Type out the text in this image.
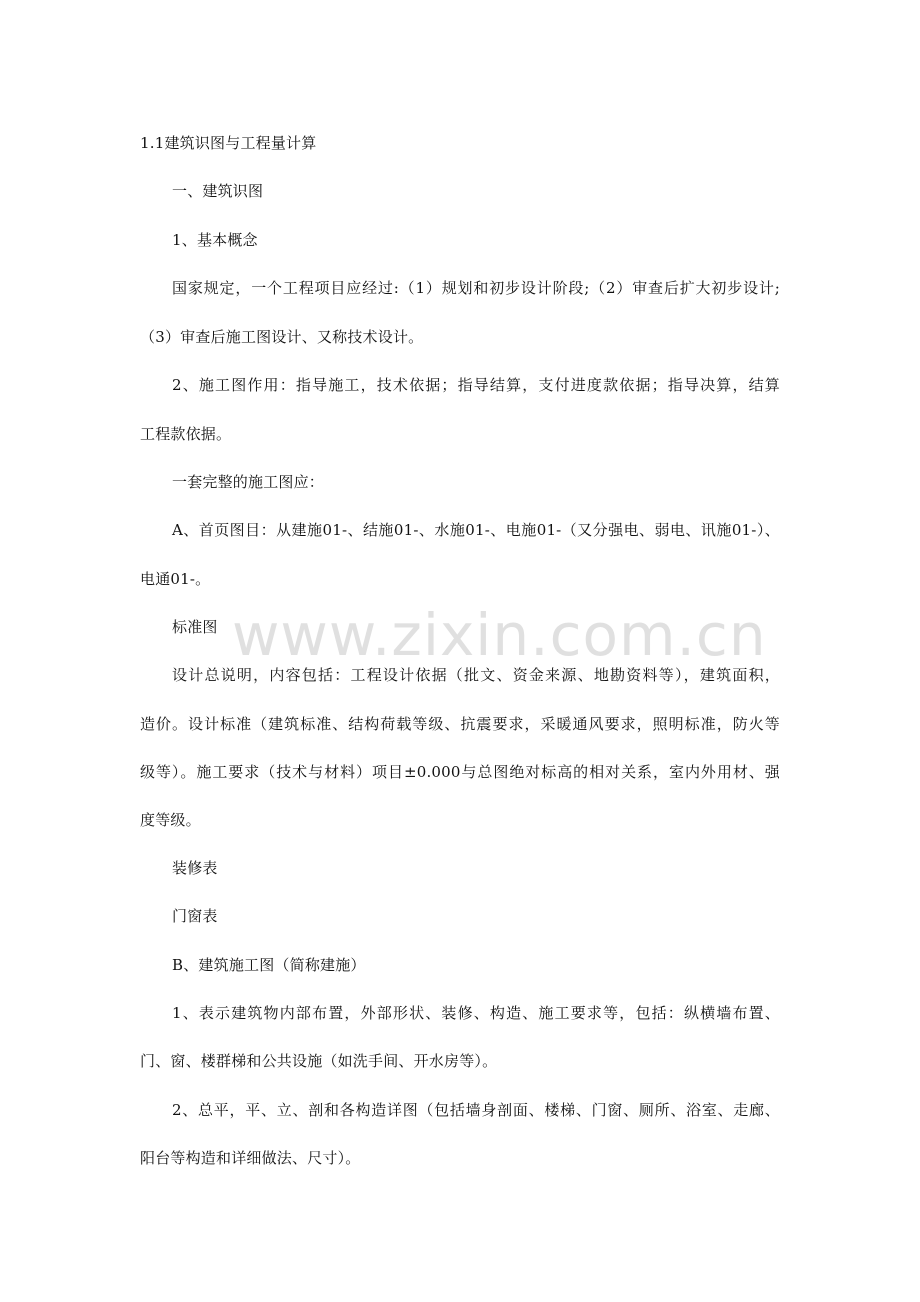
www.zixin.com.cn
1.1建筑识图与工程量计算
一、建筑识图
1、基本概念
国家规定，一个工程项目应经过:（1）规划和初步设计阶段;（2）审查后扩大初步设计;
（3）审查后施工图设计、又称技术设计。
2、施工图作用：指导施工，技术依据；指导结算，支付进度款依据；指导决算，结算
工程款依据。
一套完整的施工图应：
A、首页图目：从建施01-、结施01-、水施01-、电施01-（又分强电、弱电、讯施01-）、
电通01-。
标准图
设计总说明，内容包括：工程设计依据（批文、资金来源、地勘资料等），建筑面积，
造价。设计标准（建筑标准、结构荷载等级、抗震要求，采暖通风要求，照明标准，防火等
级等）。施工要求（技术与材料）项目±0.000与总图绝对标高的相对关系，室内外用材、强
度等级。
装修表
门窗表
B、建筑施工图（简称建施）
1、表示建筑物内部布置，外部形状、装修、构造、施工要求等，包括：纵横墙布置、
门、窗、楼群梯和公共设施（如洗手间、开水房等）。
2、总平，平、立、剖和各构造详图（包括墙身剖面、楼梯、门窗、厕所、浴室、走廊、
阳台等构造和详细做法、尺寸）。
